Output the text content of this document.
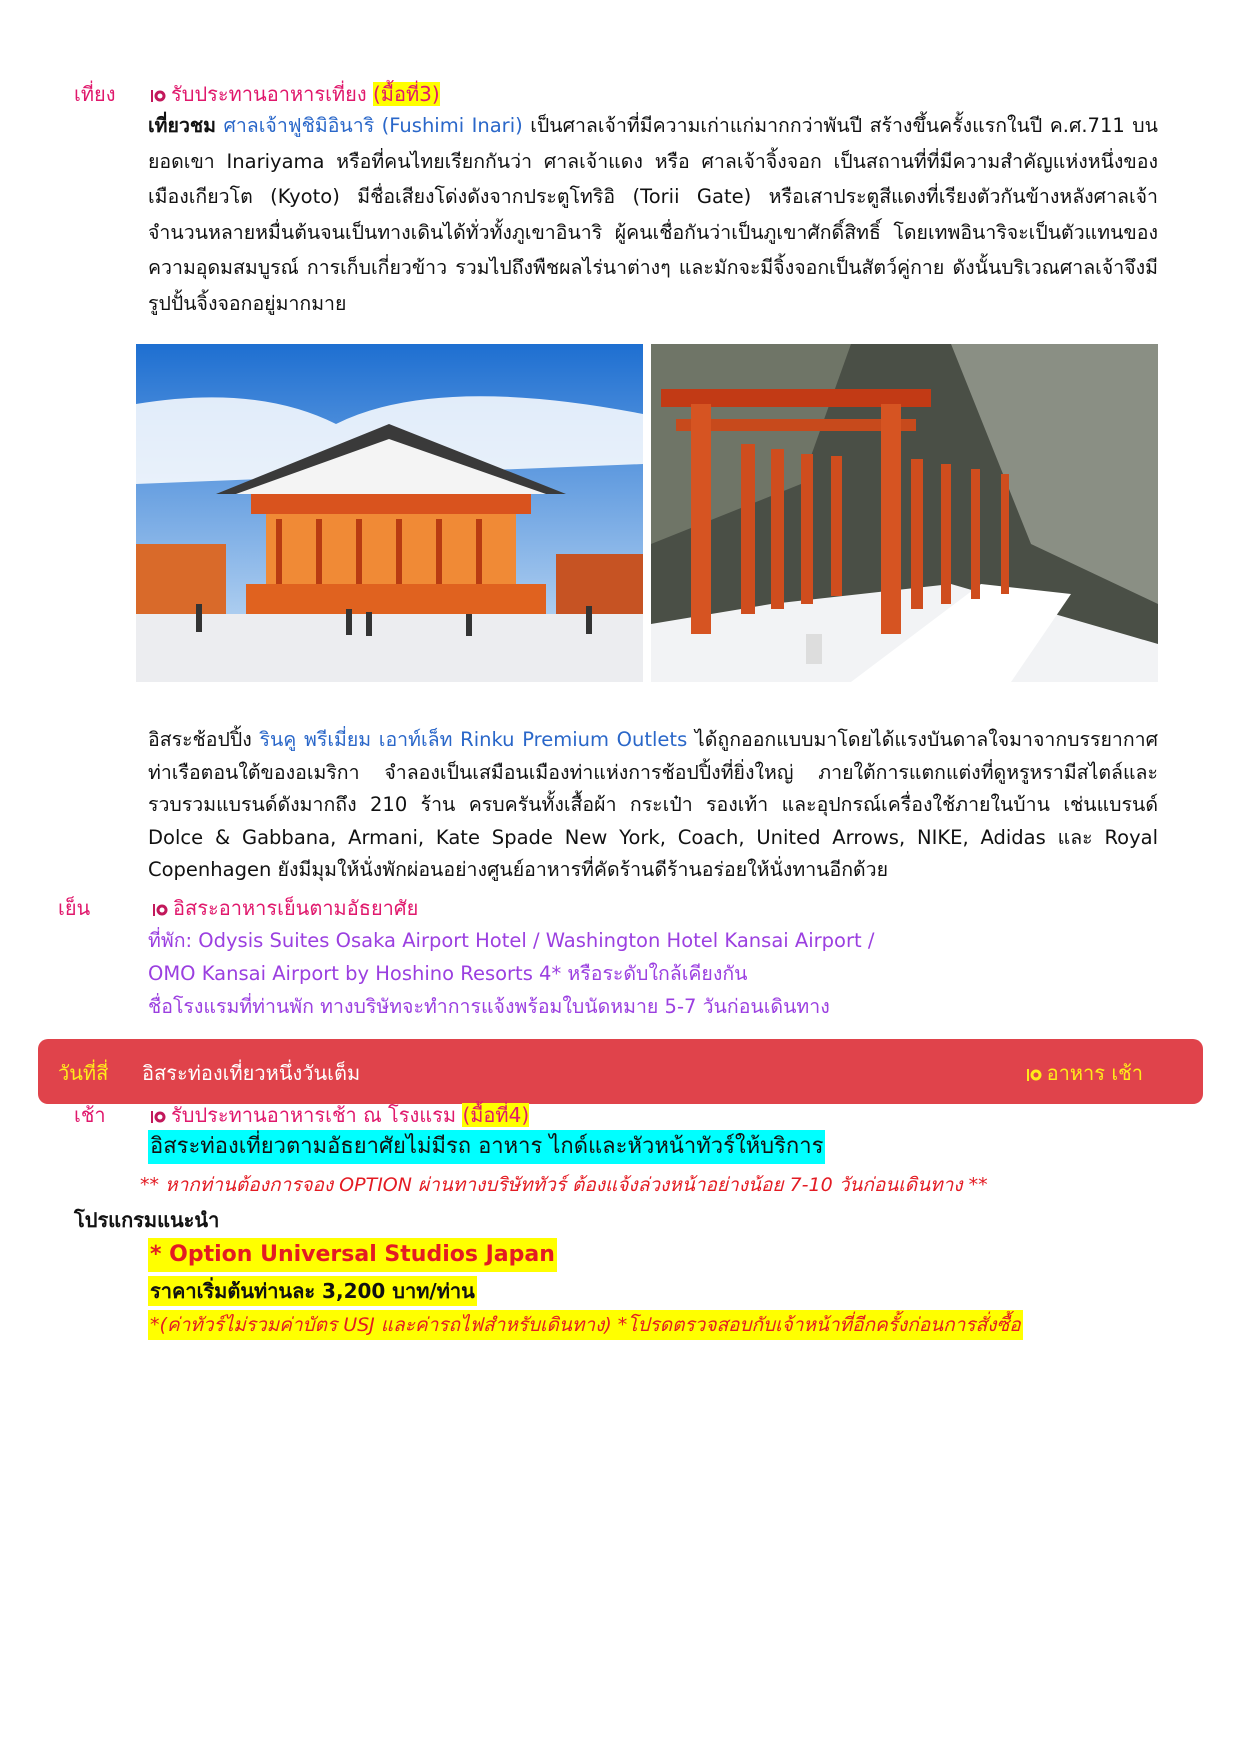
เที่ยง	รับประทานอาหารเที่ยง (มื้อที่3)
เที่ยวชม ศาลเจ้าฟูชิมิอินาริ (Fushimi Inari) เป็นศาลเจ้าที่มีความเก่าแก่มากกว่าพันปี สร้างขึ้นครั้งแรกในปี ค.ศ.711 บนยอดเขา Inariyama หรือที่คนไทยเรียกกันว่า ศาลเจ้าแดง หรือ ศาลเจ้าจิ้งจอก เป็นสถานที่ที่มีความสำคัญแห่งหนึ่งของเมืองเกียวโต (Kyoto) มีชื่อเสียงโด่งดังจากประตูโทริอิ (Torii Gate) หรือเสาประตูสีแดงที่เรียงตัวกันข้างหลังศาลเจ้าจำนวนหลายหมื่นต้นจนเป็นทางเดินได้ทั่วทั้งภูเขาอินาริ ผู้คนเชื่อกันว่าเป็นภูเขาศักดิ์สิทธิ์ โดยเทพอินาริจะเป็นตัวแทนของความอุดมสมบูรณ์ การเก็บเกี่ยวข้าว รวมไปถึงพืชผลไร่นาต่างๆ และมักจะมีจิ้งจอกเป็นสัตว์คู่กาย ดังนั้นบริเวณศาลเจ้าจึงมีรูปปั้นจิ้งจอกอยู่มากมาย
อิสระช้อปปิ้ง รินคู พรีเมี่ยม เอาท์เล็ท Rinku Premium Outlets ได้ถูกออกแบบมาโดยได้แรงบันดาลใจมาจากบรรยากาศท่าเรือตอนใต้ของอเมริกา จำลองเป็นเสมือนเมืองท่าแห่งการช้อปปิ้งที่ยิ่งใหญ่ ภายใต้การแตกแต่งที่ดูหรูหรามีสไตล์และรวบรวมแบรนด์ดังมากถึง 210 ร้าน ครบครันทั้งเสื้อผ้า กระเป๋า รองเท้า และอุปกรณ์เครื่องใช้ภายในบ้าน เช่นแบรนด์ Dolce & Gabbana, Armani, Kate Spade New York, Coach, United Arrows, NIKE, Adidas และ Royal Copenhagen ยังมีมุมให้นั่งพักผ่อนอย่างศูนย์อาหารที่คัดร้านดีร้านอร่อยให้นั่งทานอีกด้วย
เย็น	อิสระอาหารเย็นตามอัธยาศัย
ที่พัก: Odysis Suites Osaka Airport Hotel / Washington Hotel Kansai Airport /
OMO Kansai Airport by Hoshino Resorts 4* หรือระดับใกล้เคียงกัน
ชื่อโรงแรมที่ท่านพัก ทางบริษัทจะทำการแจ้งพร้อมใบนัดหมาย 5-7 วันก่อนเดินทาง
วันที่สี่ อิสระท่องเที่ยวหนึ่งวันเต็ม	อาหาร เช้า
เช้า	รับประทานอาหารเช้า ณ โรงแรม (มื้อที่4)
อิสระท่องเที่ยวตามอัธยาศัยไม่มีรถ อาหาร ไกด์และหัวหน้าทัวร์ให้บริการ
** หากท่านต้องการจอง OPTION ผ่านทางบริษัททัวร์ ต้องแจ้งล่วงหน้าอย่างน้อย 7-10 วันก่อนเดินทาง **
โปรแกรมแนะนำ
* Option Universal Studios Japan
ราคาเริ่มต้นท่านละ 3,200 บาท/ท่าน
*(ค่าทัวร์ไม่รวมค่าบัตร USJ และค่ารถไฟสำหรับเดินทาง) *โปรดตรวจสอบกับเจ้าหน้าที่อีกครั้งก่อนการสั่งซื้อ
